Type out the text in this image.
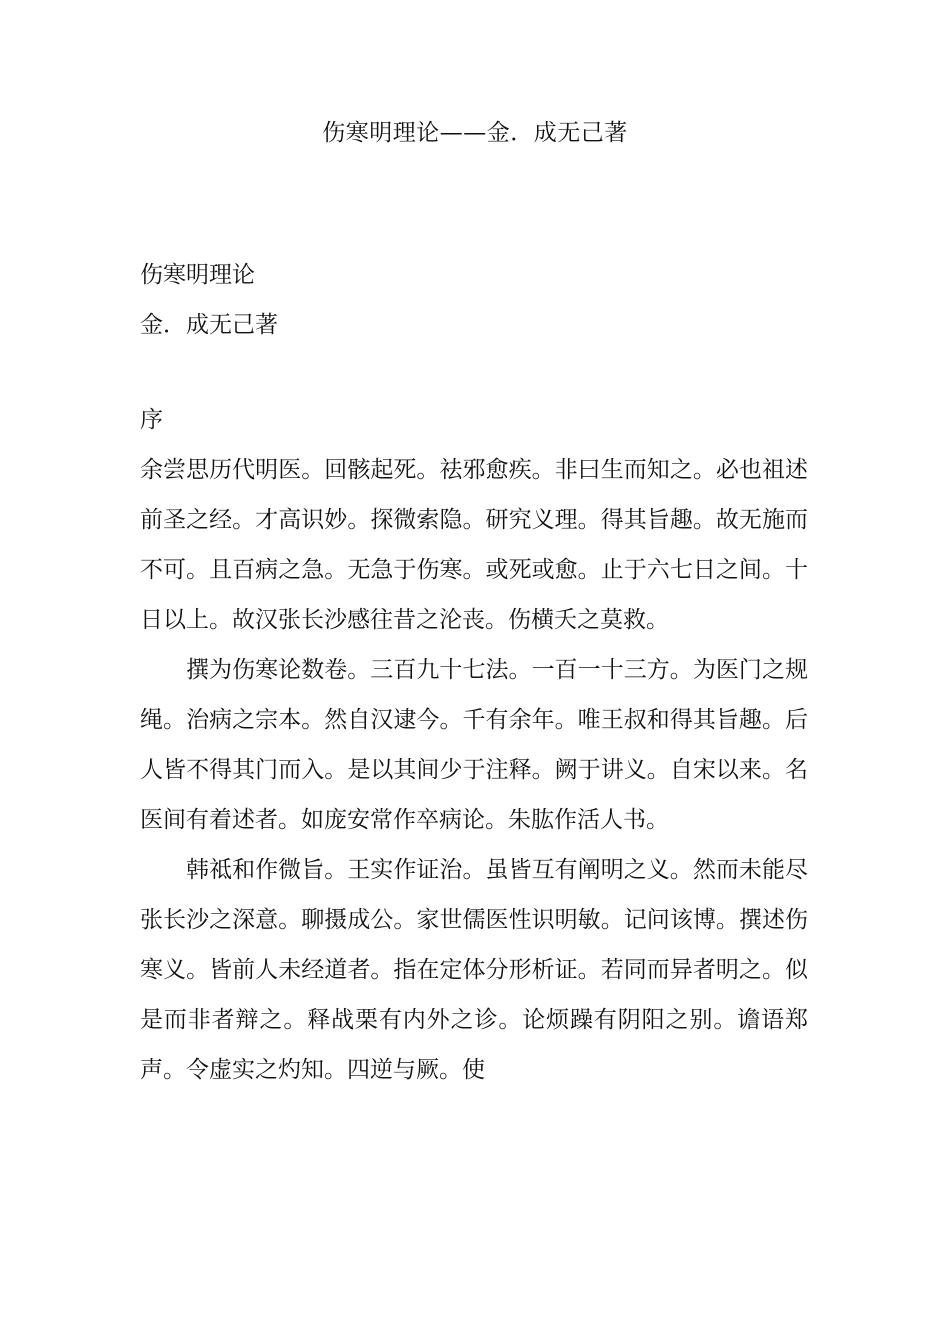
伤寒明理论——金．成无己著

伤寒明理论

金．成无己著

序

余尝思历代明医。回骸起死。祛邪愈疾。非曰生而知之。必也祖述前圣之经。才高识妙。探微索隐。研究义理。得其旨趣。故无施而不可。且百病之急。无急于伤寒。或死或愈。止于六七日之间。十日以上。故汉张长沙感往昔之沦丧。伤横夭之莫救。

撰为伤寒论数卷。三百九十七法。一百一十三方。为医门之规绳。治病之宗本。然自汉逮今。千有余年。唯王叔和得其旨趣。后人皆不得其门而入。是以其间少于注释。阙于讲义。自宋以来。名医间有着述者。如庞安常作卒病论。朱肱作活人书。

韩祗和作微旨。王实作证治。虽皆互有阐明之义。然而未能尽张长沙之深意。聊摄成公。家世儒医性识明敏。记问该博。撰述伤寒义。皆前人未经道者。指在定体分形析证。若同而异者明之。似是而非者辩之。释战栗有内外之诊。论烦躁有阴阳之别。谵语郑声。令虚实之灼知。四逆与厥。使
